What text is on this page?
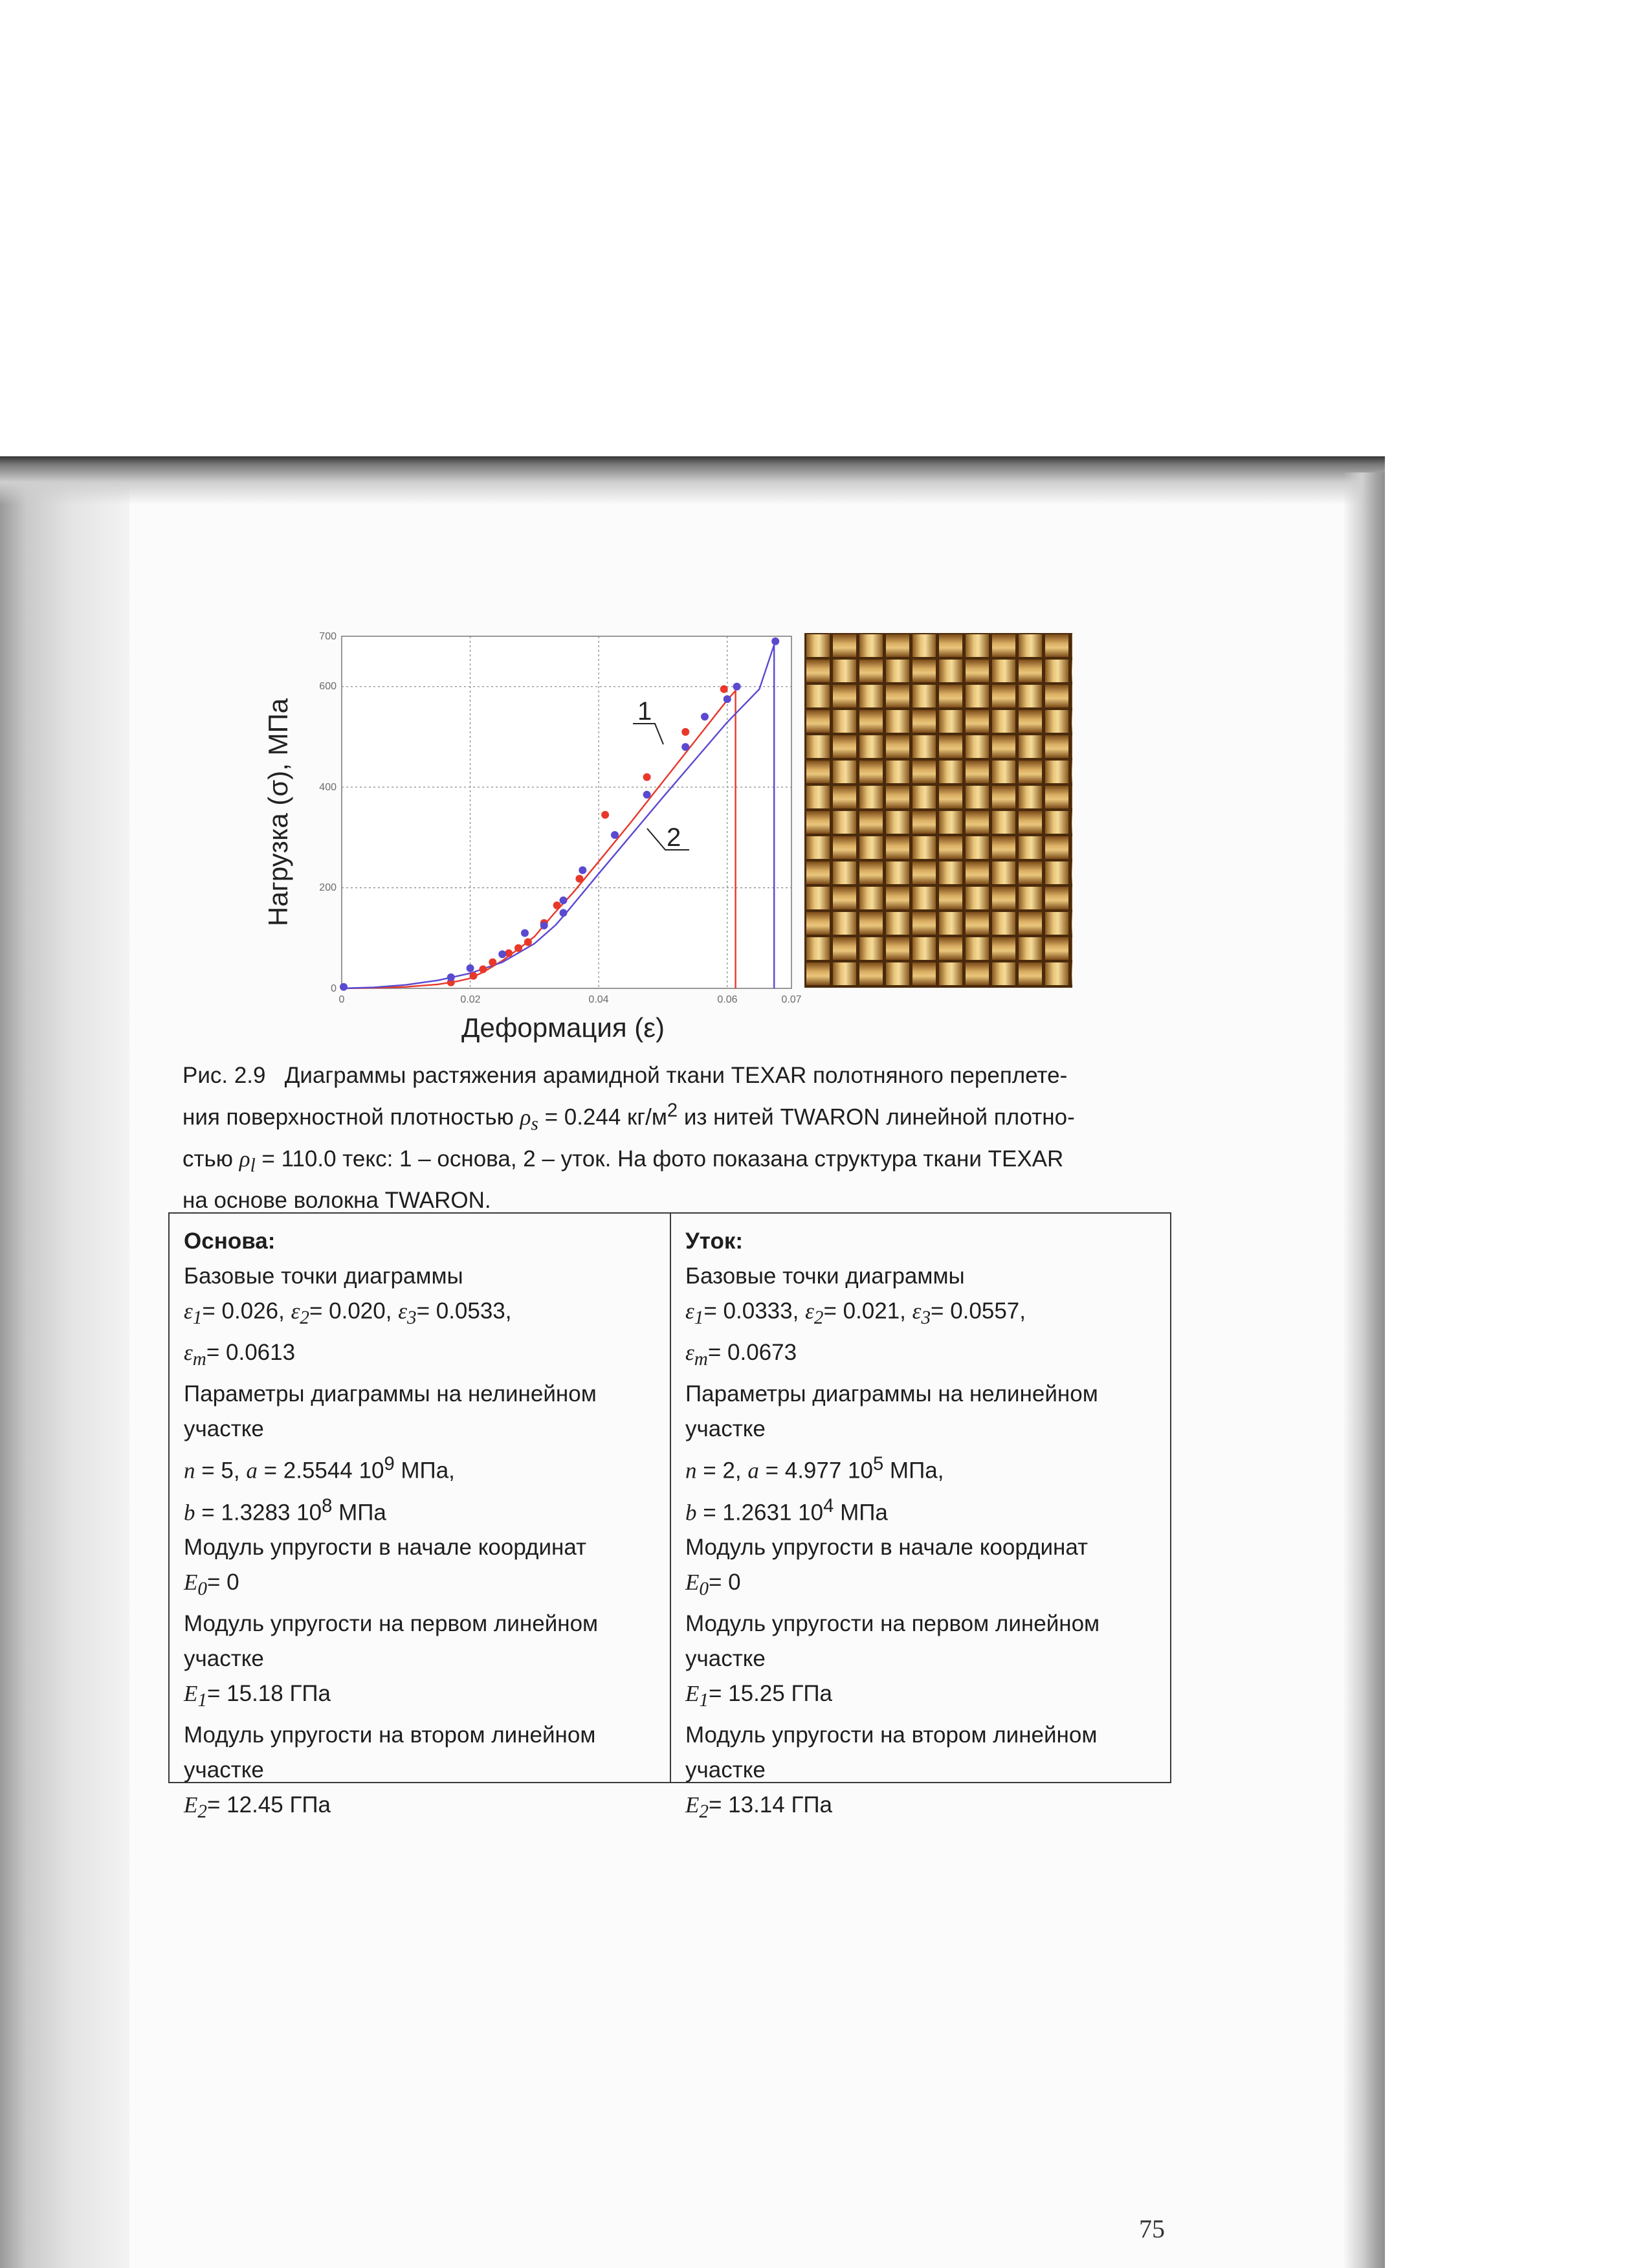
0
200
400
600
700
0	0.02	0.04	0.06	0.07
1
2
Нагрузка (σ), МПа
Деформация (ε)
Рис. 2.9 Диаграммы растяжения арамидной ткани TEXAR полотняного переплете-
ния поверхностной плотностью $\rho_s = 0.244$ $кг/м^2$ из нитей TWARON линейной плотно-
стью $\rho_l = 110.0$ текс: 1 – основа, 2 – уток. На фото показана структура ткани TEXAR
на основе волокна TWARON.
Основа:
Базовые точки диаграммы
$\varepsilon_1= 0.026$, $\varepsilon_2= 0.020$, $\varepsilon_3= 0.0533$,
$\varepsilon_m= 0.0613$
Параметры диаграммы на нелинейном
участке
n = 5, a = 2.5544 $10^9$ МПа,
b = 1.3283 $10^8$ МПа
Модуль упругости в начале координат
$E_0= 0$
Модуль упругости на первом линейном
участке
$E_1= 15.18$ ГПа
Модуль упругости на втором линейном
участке
$E_2= 12.45$ ГПа
Уток:
Базовые точки диаграммы
$\varepsilon_1= 0.0333$, $\varepsilon_2= 0.021$, $\varepsilon_3= 0.0557$,
$\varepsilon_m= 0.0673$
Параметры диаграммы на нелинейном
участке
n = 2, a = 4.977 $10^5$ МПа,
b = 1.2631 $10^4$ МПа
Модуль упругости в начале координат
$E_0= 0$
Модуль упругости на первом линейном
участке
$E_1= 15.25$ ГПа
Модуль упругости на втором линейном
участке
$E_2= 13.14$ ГПа
75
